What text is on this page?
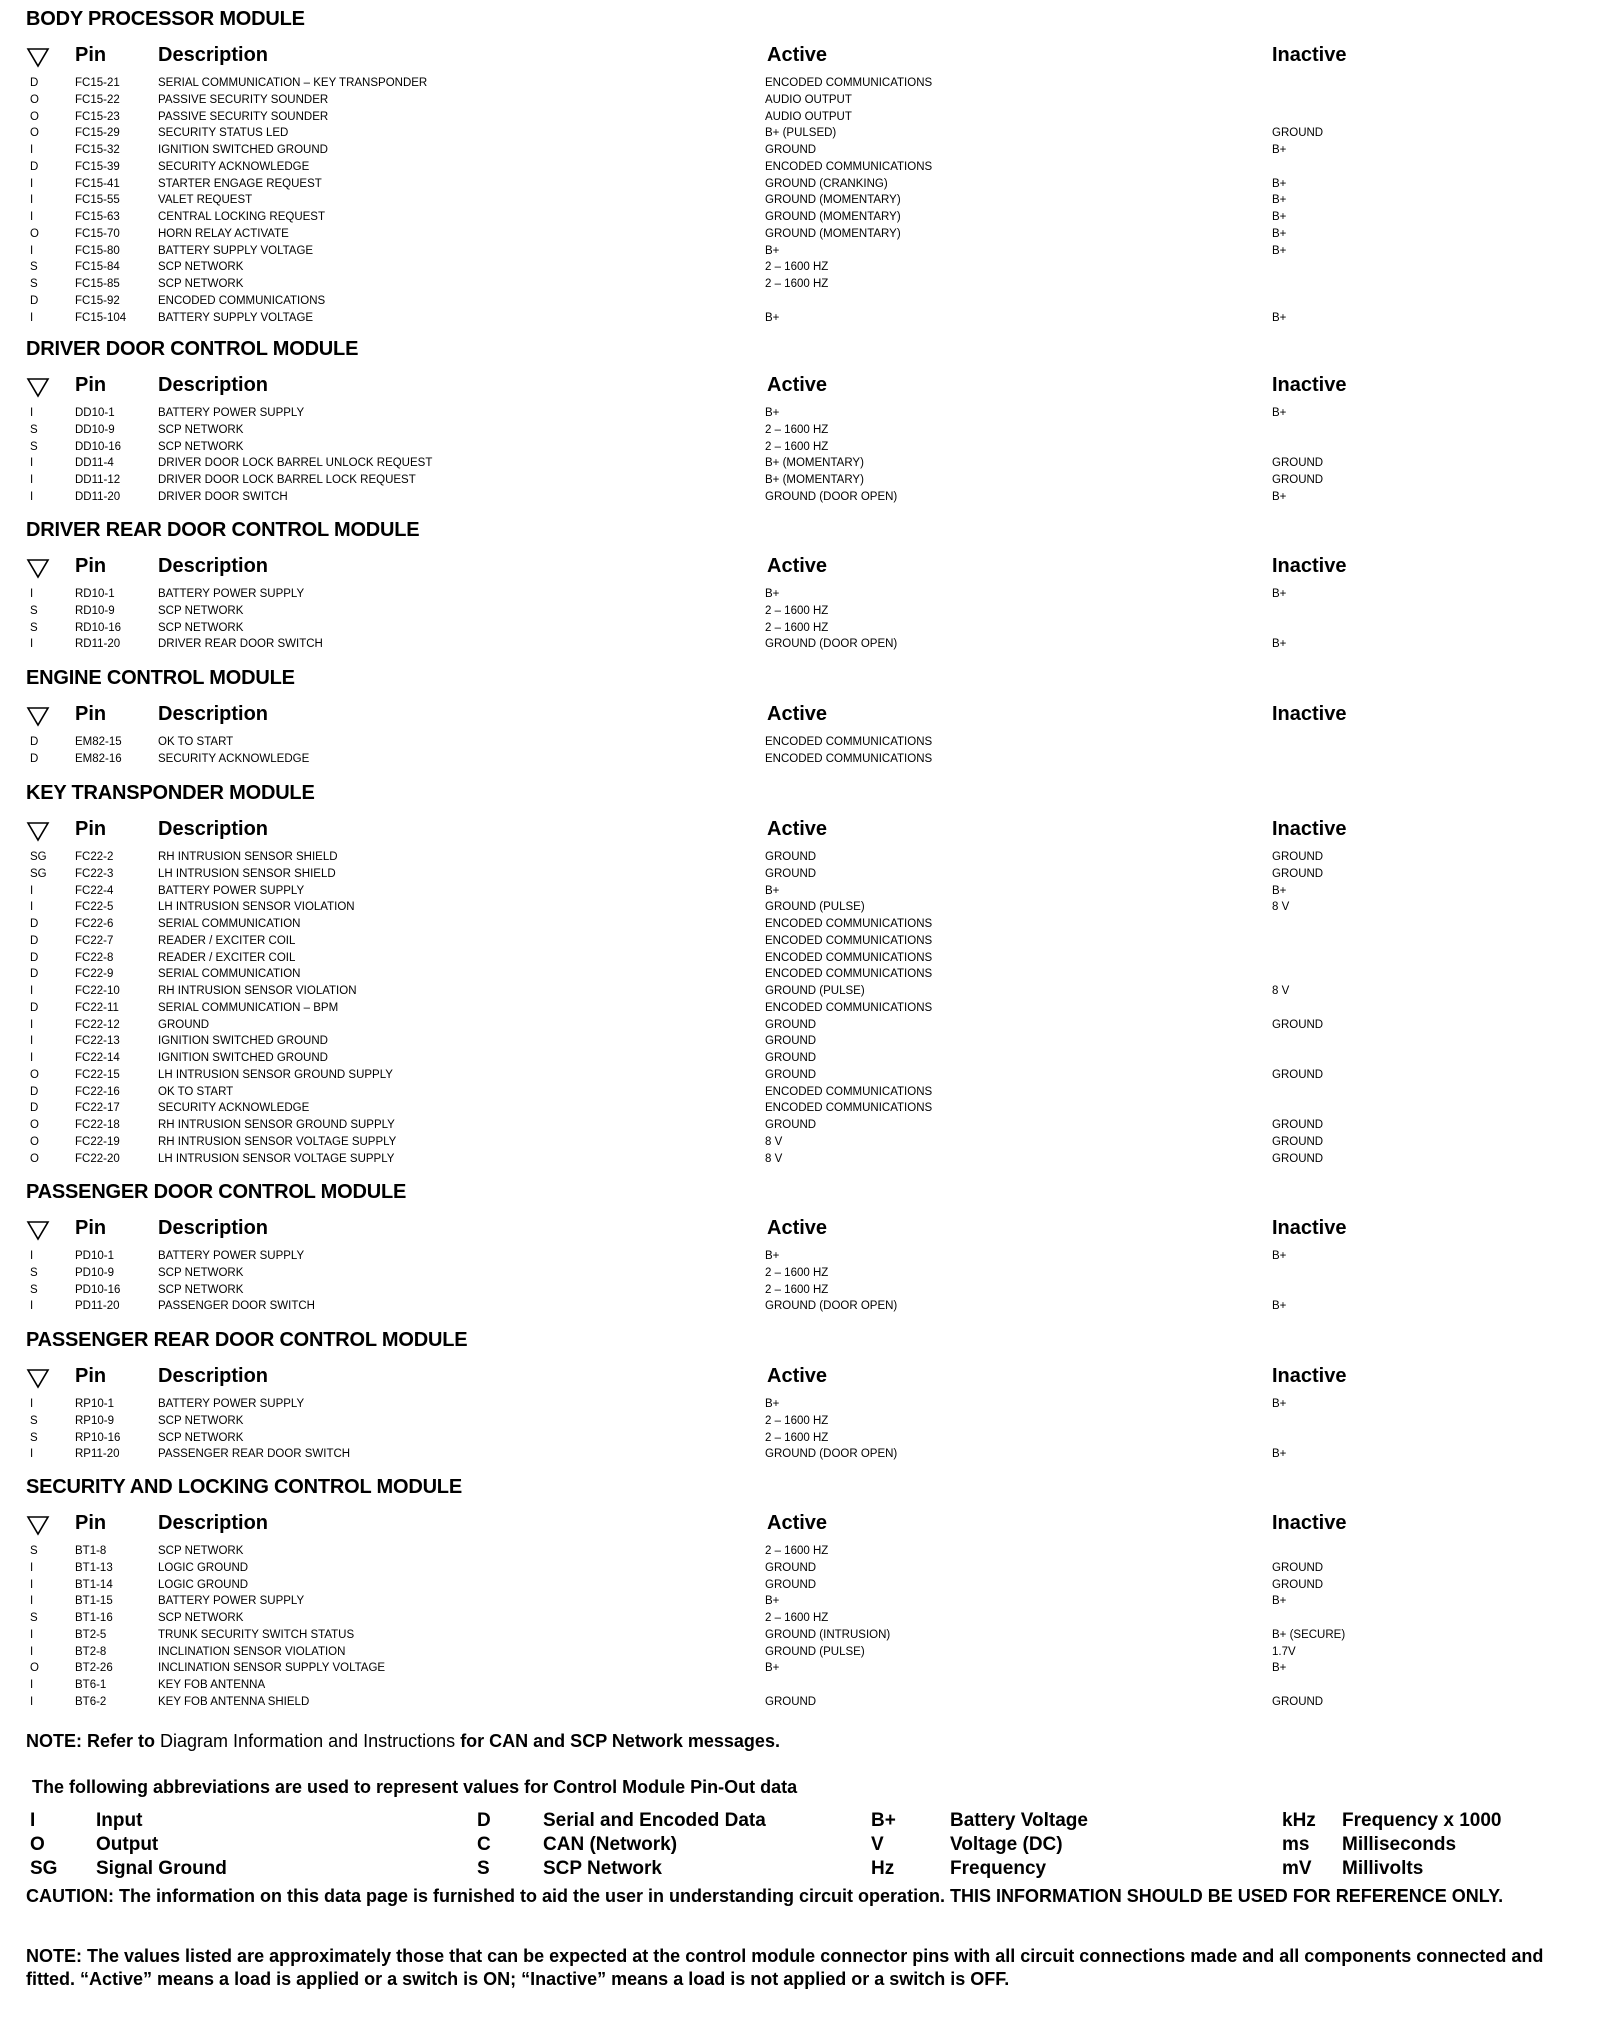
BODY PROCESSOR MODULE
Pin	Description	Active	Inactive
D	FC15-21	SERIAL COMMUNICATION – KEY TRANSPONDER	ENCODED COMMUNICATIONS
O	FC15-22	PASSIVE SECURITY SOUNDER	AUDIO OUTPUT
O	FC15-23	PASSIVE SECURITY SOUNDER	AUDIO OUTPUT
O	FC15-29	SECURITY STATUS LED	B+ (PULSED)	GROUND
I	FC15-32	IGNITION SWITCHED GROUND	GROUND	B+
D	FC15-39	SECURITY ACKNOWLEDGE	ENCODED COMMUNICATIONS
I	FC15-41	STARTER ENGAGE REQUEST	GROUND (CRANKING)	B+
I	FC15-55	VALET REQUEST	GROUND (MOMENTARY)	B+
I	FC15-63	CENTRAL LOCKING REQUEST	GROUND (MOMENTARY)	B+
O	FC15-70	HORN RELAY ACTIVATE	GROUND (MOMENTARY)	B+
I	FC15-80	BATTERY SUPPLY VOLTAGE	B+	B+
S	FC15-84	SCP NETWORK	2 – 1600 HZ
S	FC15-85	SCP NETWORK	2 – 1600 HZ
D	FC15-92	ENCODED COMMUNICATIONS
I	FC15-104	BATTERY SUPPLY VOLTAGE	B+	B+
DRIVER DOOR CONTROL MODULE
Pin	Description	Active	Inactive
I	DD10-1	BATTERY POWER SUPPLY	B+	B+
S	DD10-9	SCP NETWORK	2 – 1600 HZ
S	DD10-16	SCP NETWORK	2 – 1600 HZ
I	DD11-4	DRIVER DOOR LOCK BARREL UNLOCK REQUEST	B+ (MOMENTARY)	GROUND
I	DD11-12	DRIVER DOOR LOCK BARREL LOCK REQUEST	B+ (MOMENTARY)	GROUND
I	DD11-20	DRIVER DOOR SWITCH	GROUND (DOOR OPEN)	B+
DRIVER REAR DOOR CONTROL MODULE
Pin	Description	Active	Inactive
I	RD10-1	BATTERY POWER SUPPLY	B+	B+
S	RD10-9	SCP NETWORK	2 – 1600 HZ
S	RD10-16	SCP NETWORK	2 – 1600 HZ
I	RD11-20	DRIVER REAR DOOR SWITCH	GROUND (DOOR OPEN)	B+
ENGINE CONTROL MODULE
Pin	Description	Active	Inactive
D	EM82-15	OK TO START	ENCODED COMMUNICATIONS
D	EM82-16	SECURITY ACKNOWLEDGE	ENCODED COMMUNICATIONS
KEY TRANSPONDER MODULE
Pin	Description	Active	Inactive
SG	FC22-2	RH INTRUSION SENSOR SHIELD	GROUND	GROUND
SG	FC22-3	LH INTRUSION SENSOR SHIELD	GROUND	GROUND
I	FC22-4	BATTERY POWER SUPPLY	B+	B+
I	FC22-5	LH INTRUSION SENSOR VIOLATION	GROUND (PULSE)	8 V
D	FC22-6	SERIAL COMMUNICATION	ENCODED COMMUNICATIONS
D	FC22-7	READER / EXCITER COIL	ENCODED COMMUNICATIONS
D	FC22-8	READER / EXCITER COIL	ENCODED COMMUNICATIONS
D	FC22-9	SERIAL COMMUNICATION	ENCODED COMMUNICATIONS
I	FC22-10	RH INTRUSION SENSOR VIOLATION	GROUND (PULSE)	8 V
D	FC22-11	SERIAL COMMUNICATION – BPM	ENCODED COMMUNICATIONS
I	FC22-12	GROUND	GROUND	GROUND
I	FC22-13	IGNITION SWITCHED GROUND	GROUND
I	FC22-14	IGNITION SWITCHED GROUND	GROUND
O	FC22-15	LH INTRUSION SENSOR GROUND SUPPLY	GROUND	GROUND
D	FC22-16	OK TO START	ENCODED COMMUNICATIONS
D	FC22-17	SECURITY ACKNOWLEDGE	ENCODED COMMUNICATIONS
O	FC22-18	RH INTRUSION SENSOR GROUND SUPPLY	GROUND	GROUND
O	FC22-19	RH INTRUSION SENSOR VOLTAGE SUPPLY	8 V	GROUND
O	FC22-20	LH INTRUSION SENSOR VOLTAGE SUPPLY	8 V	GROUND
PASSENGER DOOR CONTROL MODULE
Pin	Description	Active	Inactive
I	PD10-1	BATTERY POWER SUPPLY	B+	B+
S	PD10-9	SCP NETWORK	2 – 1600 HZ
S	PD10-16	SCP NETWORK	2 – 1600 HZ
I	PD11-20	PASSENGER DOOR SWITCH	GROUND (DOOR OPEN)	B+
PASSENGER REAR DOOR CONTROL MODULE
Pin	Description	Active	Inactive
I	RP10-1	BATTERY POWER SUPPLY	B+	B+
S	RP10-9	SCP NETWORK	2 – 1600 HZ
S	RP10-16	SCP NETWORK	2 – 1600 HZ
I	RP11-20	PASSENGER REAR DOOR SWITCH	GROUND (DOOR OPEN)	B+
SECURITY AND LOCKING CONTROL MODULE
Pin	Description	Active	Inactive
S	BT1-8	SCP NETWORK	2 – 1600 HZ
I	BT1-13	LOGIC GROUND	GROUND	GROUND
I	BT1-14	LOGIC GROUND	GROUND	GROUND
I	BT1-15	BATTERY POWER SUPPLY	B+	B+
S	BT1-16	SCP NETWORK	2 – 1600 HZ
I	BT2-5	TRUNK SECURITY SWITCH STATUS	GROUND (INTRUSION)	B+ (SECURE)
I	BT2-8	INCLINATION SENSOR VIOLATION	GROUND (PULSE)	1.7V
O	BT2-26	INCLINATION SENSOR SUPPLY VOLTAGE	B+	B+
I	BT6-1	KEY FOB ANTENNA
I	BT6-2	KEY FOB ANTENNA SHIELD	GROUND	GROUND
NOTE: Refer to Diagram Information and Instructions for CAN and SCP Network messages.
The following abbreviations are used to represent values for Control Module Pin-Out data
I	Input	D	Serial and Encoded Data	B+	Battery Voltage	kHz Frequency x 1000
O	Output	C	CAN (Network)	V	Voltage (DC)	ms Milliseconds
SG Signal Ground	S	SCP Network	Hz	Frequency	mV Millivolts
CAUTION: The information on this data page is furnished to aid the user in understanding circuit operation. THIS INFORMATION SHOULD BE USED FOR REFERENCE ONLY.
NOTE: The values listed are approximately those that can be expected at the control module connector pins with all circuit connections made and all components connected and fitted. “Active” means a load is applied or a switch is ON; “Inactive” means a load is not applied or a switch is OFF.
